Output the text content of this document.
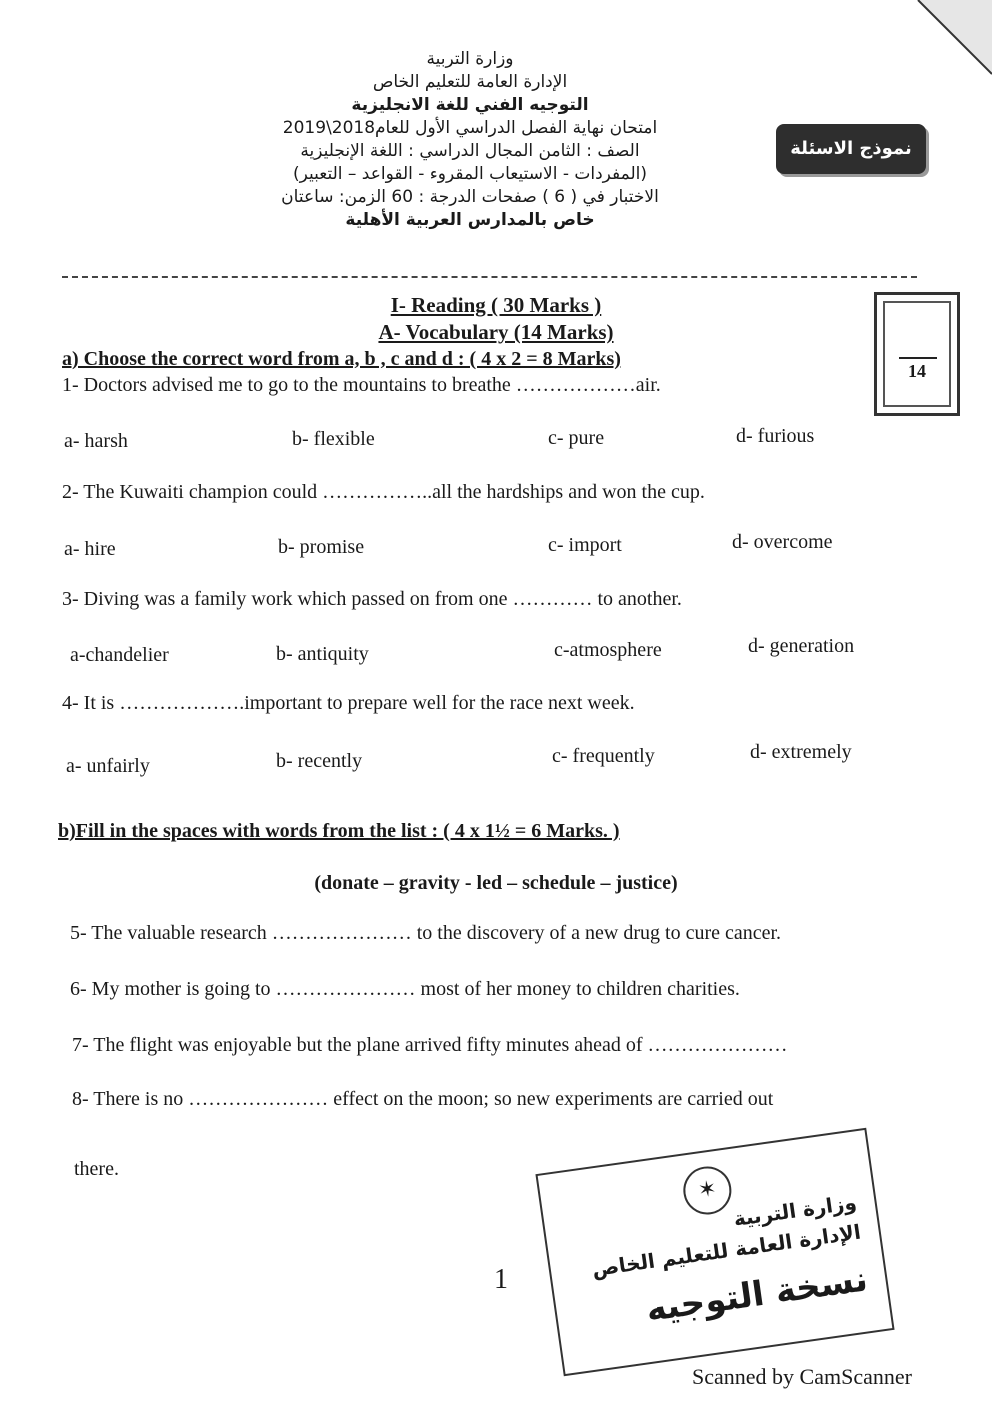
وزارة التربية
الإدارة العامة للتعليم الخاص
التوجيه الفني للغة الانجليزية
امتحان نهاية الفصل الدراسي الأول للعام2018\2019
الصف : الثامن المجال الدراسي : اللغة الإنجليزية
(المفردات - الاستيعاب المقروء - القواعد – التعبير)
الاختبار في ( 6 ) صفحات الدرجة : 60 الزمن: ساعتان
خاص بالمدارس العربية الأهلية
نموذج الاسئلة
14
I- Reading ( 30 Marks )
A- Vocabulary (14 Marks)
a) Choose the correct word from a, b , c and d : ( 4 x 2 = 8 Marks)
1- Doctors advised me to go to the mountains to breathe ………………air.
a- harsh	b- flexible	c- pure	d- furious
2- The Kuwaiti champion could ……………..all the hardships and won the cup.
a- hire	b- promise	c- import	d- overcome
3- Diving was a family work which passed on from one ………… to another.
a-chandelier	b- antiquity	c-atmosphere	d- generation
4- It is ……………….important to prepare well for the race next week.
a- unfairly	b- recently	c- frequently	d- extremely
b)Fill in the spaces with words from the list : ( 4 x 1½ = 6 Marks. )
(donate – gravity - led – schedule – justice)
5- The valuable research ………………… to the discovery of a new drug to cure cancer.
6- My mother is going to ………………… most of her money to children charities.
7- The flight was enjoyable but the plane arrived fifty minutes ahead of …………………
8- There is no ………………… effect on the moon; so new experiments are carried out
there.
1
✶ وزارة التربية
الإدارة العامة للتعليم الخاص
نسخة التوجيه
Scanned by CamScanner
